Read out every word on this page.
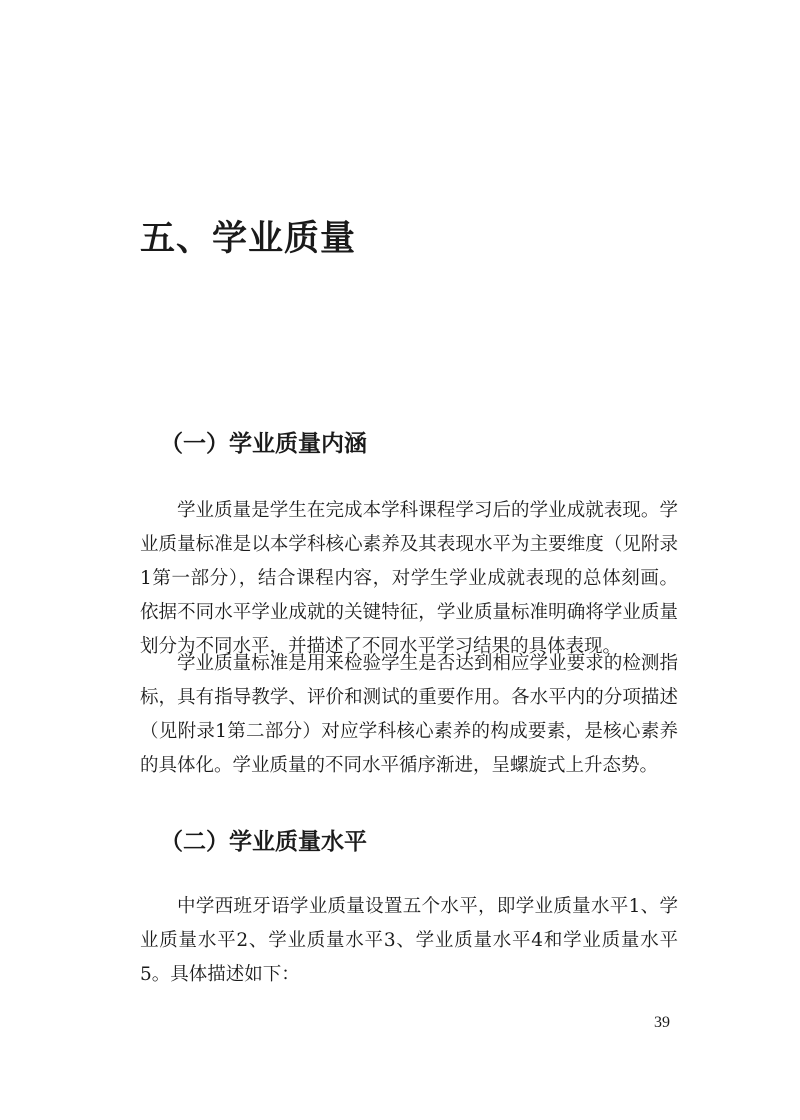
五、学业质量
（一）学业质量内涵

学业质量是学生在完成本学科课程学习后的学业成就表现。学业质量标准是以本学科核心素养及其表现水平为主要维度（见附录1第一部分），结合课程内容，对学生学业成就表现的总体刻画。依据不同水平学业成就的关键特征，学业质量标准明确将学业质量划分为不同水平，并描述了不同水平学习结果的具体表现。

学业质量标准是用来检验学生是否达到相应学业要求的检测指标，具有指导教学、评价和测试的重要作用。各水平内的分项描述（见附录1第二部分）对应学科核心素养的构成要素，是核心素养的具体化。学业质量的不同水平循序渐进，呈螺旋式上升态势。

（二）学业质量水平

中学西班牙语学业质量设置五个水平，即学业质量水平1、学业质量水平2、学业质量水平3、学业质量水平4和学业质量水平5。具体描述如下：

39
